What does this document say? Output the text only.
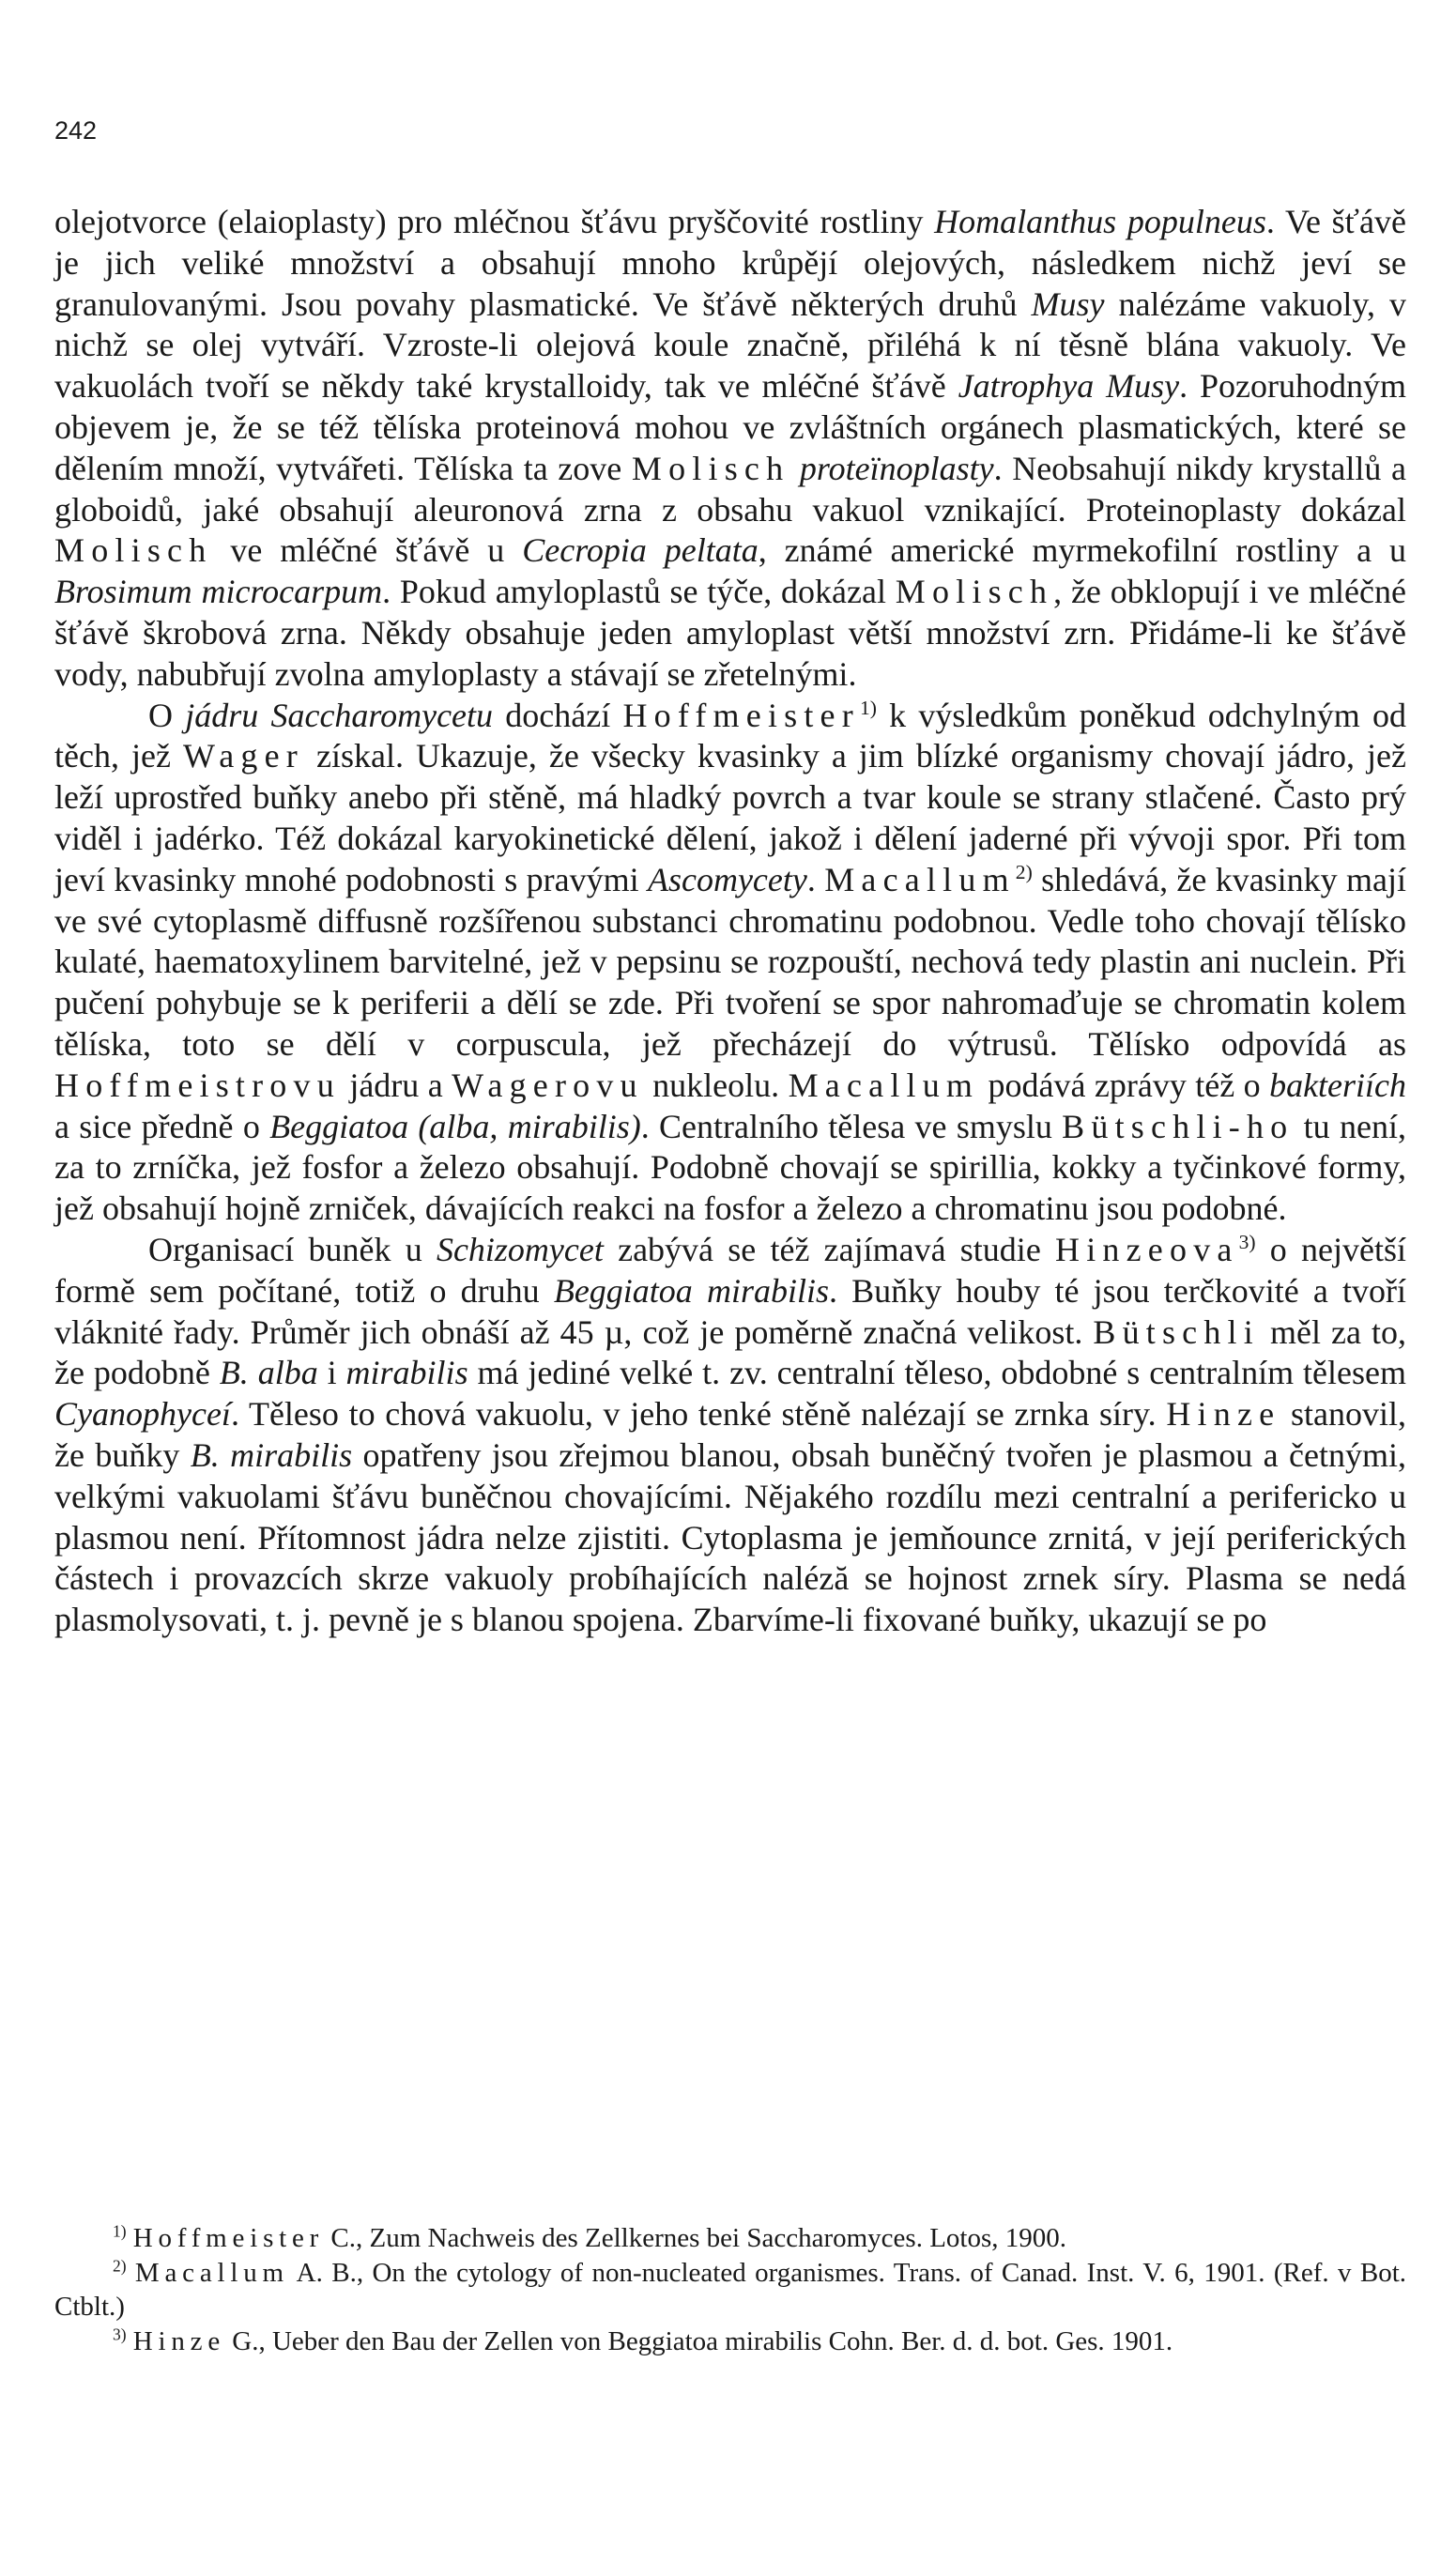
242

olejotvorce (elaioplasty) pro mléčnou šťávu pryščovité rostliny Homalanthus populneus. Ve šťávě je jich veliké množství a obsahují mnoho krůpějí olejových, následkem nichž jeví se granulovanými. Jsou povahy plasmatické. Ve šťávě některých druhů Musy nalézáme vakuoly, v nichž se olej vytváří. Vzroste-li olejová koule značně, přiléhá k ní těsně blána vakuoly. Ve vakuolách tvoří se někdy také krystalloidy, tak ve mléčné šťávě Jatrophya Musy. Pozoruhodným objevem je, že se též tělíska proteinová mohou ve zvláštních orgánech plasmatických, které se dělením množí, vytvářeti. Tělíska ta zove Molisch proteïnoplasty. Neobsahují nikdy krystallů a globoidů, jaké obsahují aleuronová zrna z obsahu vakuol vznikající. Proteinoplasty dokázal Molisch ve mléčné šťávě u Cecropia peltata, známé americké myrmekofilní rostliny a u Brosimum microcarpum. Pokud amyloplastů se týče, dokázal Molisch, že obklopují i ve mléčné šťávě škrobová zrna. Někdy obsahuje jeden amyloplast větší množství zrn. Přidáme-li ke šťávě vody, nabubřují zvolna amyloplasty a stávají se zřetelnými.

O jádru Saccharomycetu dochází Hoffmeister$^{1)}$ k výsledkům poněkud odchylným od těch, jež Wager získal. Ukazuje, že všecky kvasinky a jim blízké organismy chovají jádro, jež leží uprostřed buňky anebo při stěně, má hladký povrch a tvar koule se strany stlačené. Často prý viděl i jadérko. Též dokázal karyokinetické dělení, jakož i dělení jaderné při vývoji spor. Při tom jeví kvasinky mnohé podobnosti s pravými Ascomycety. Macallum$^{2)}$ shledává, že kvasinky mají ve své cytoplasmě diffusně rozšířenou substanci chromatinu podobnou. Vedle toho chovají tělísko kulaté, haematoxylinem barvitelné, jež v pepsinu se rozpouští, nechová tedy plastin ani nuclein. Při pučení pohybuje se k periferii a dělí se zde. Při tvoření se spor nahromaďuje se chromatin kolem tělíska, toto se dělí v corpuscula, jež přecházejí do výtrusů. Tělísko odpovídá as Hoffmeistrovu jádru a Wagerovu nukleolu. Macallum podává zprávy též o bakteriích a sice předně o Beggiatoa (alba, mirabilis). Centralního tělesa ve smyslu Bütschli-ho tu není, za to zrníčka, jež fosfor a železo obsahují. Podobně chovají se spirillia, kokky a tyčinkové formy, jež obsahují hojně zrniček, dávajících reakci na fosfor a železo a chromatinu jsou podobné.

Organisací buněk u Schizomycet zabývá se též zajímavá studie Hinzeova$^{3)}$ o největší formě sem počítané, totiž o druhu Beggiatoa mirabilis. Buňky houby té jsou terčkovité a tvoří vláknité řady. Průměr jich obnáší až 45 µ, což je poměrně značná velikost. Bütschli měl za to, že podobně B. alba i mirabilis má jediné velké t. zv. centralní těleso, obdobné s centralním tělesem Cyanophyceí. Těleso to chová vakuolu, v jeho tenké stěně nalézají se zrnka síry. Hinze stanovil, že buňky B. mirabilis opatřeny jsou zřejmou blanou, obsah buněčný tvořen je plasmou a četnými, velkými vakuolami šťávu buněčnou chovajícími. Nějakého rozdílu mezi centralní a perifericko u plasmou není. Přítomnost jádra nelze zjistiti. Cytoplasma je jemňounce zrnitá, v její periferických částech i provazcích skrze vakuoly probíhajících naléză se hojnost zrnek síry. Plasma se nedá plasmolysovati, t. j. pevně je s blanou spojena. Zbarvíme-li fixované buňky, ukazují se po

$^{1)}$ Hoffmeister C., Zum Nachweis des Zellkernes bei Saccharomyces. Lotos, 1900.

$^{2)}$ Macallum A. B., On the cytology of non-nucleated organismes. Trans. of Canad. Inst. V. 6, 1901. (Ref. v Bot. Ctblt.)

$^{3)}$ Hinze G., Ueber den Bau der Zellen von Beggiatoa mirabilis Cohn. Ber. d. d. bot. Ges. 1901.
